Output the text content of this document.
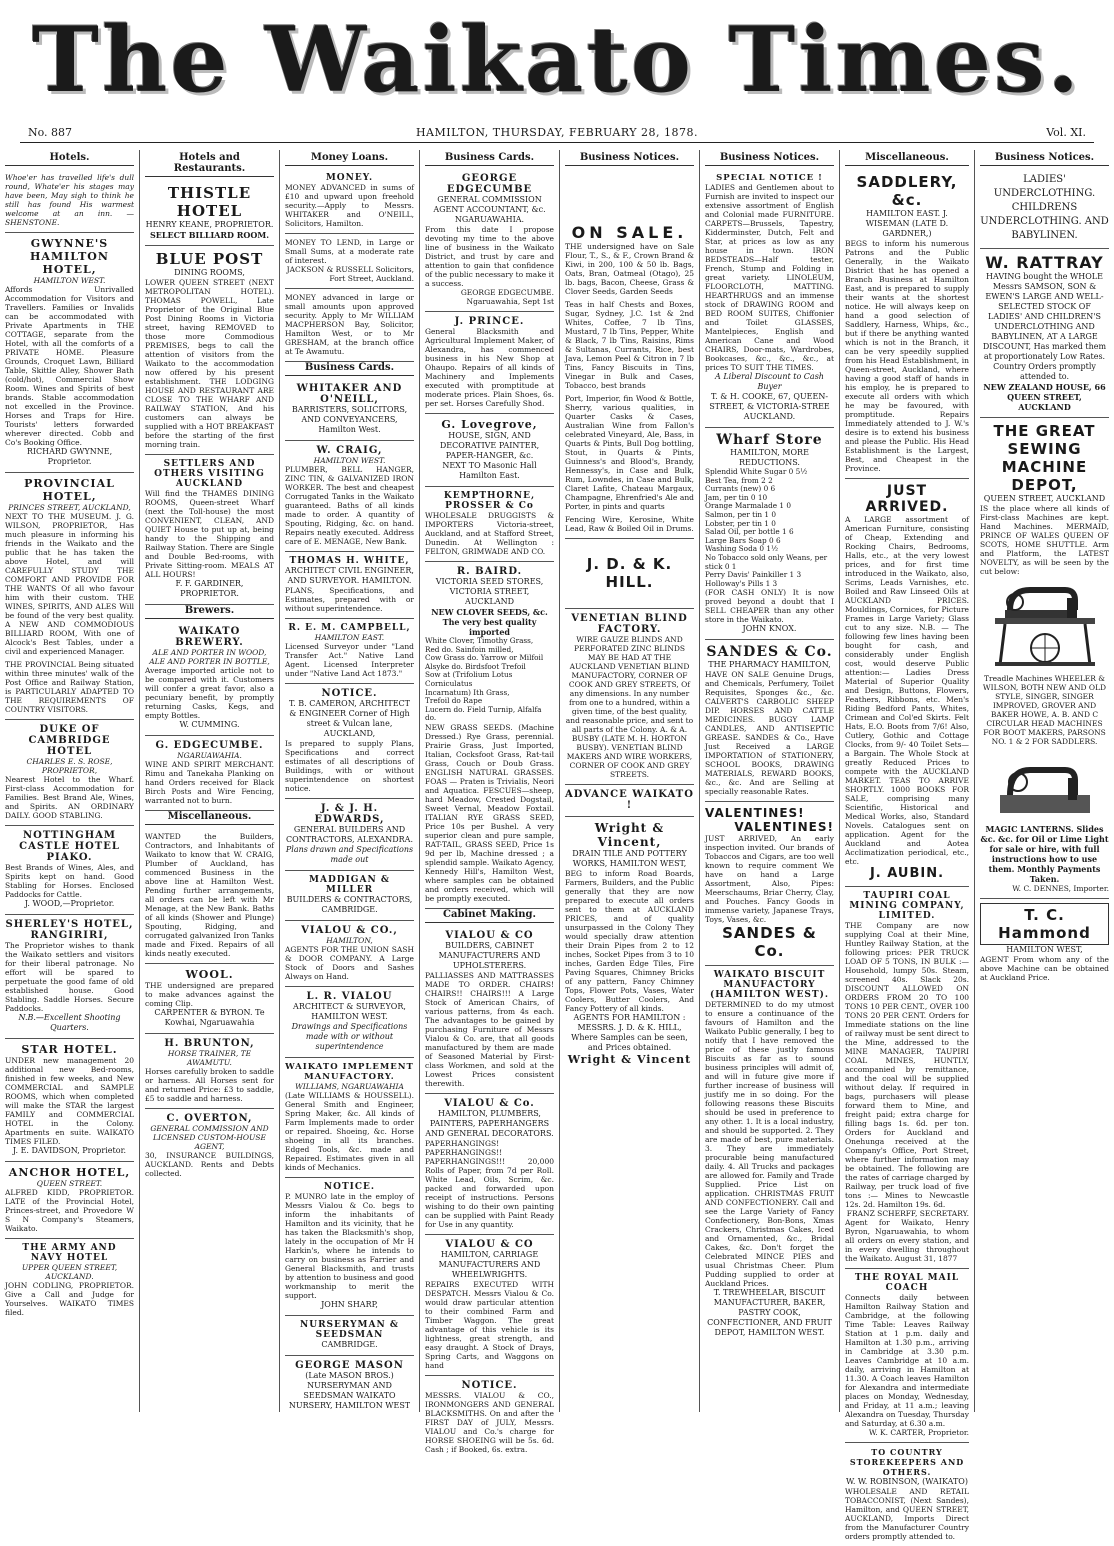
The Waikato Times.
No. 887	HAMILTON, THURSDAY, FEBRUARY 28, 1878.	Vol. XI.
Hotels.
Whoe'er has travelled life's dull round, Whate'er his stages may have been, May sigh to think he still has found His warmest welcome at an inn. —SHENSTONE.
GWYNNE'S HAMILTON HOTEL,
HAMILTON WEST.
Affords Unrivalled Accommodation for Visitors and Travellers. Families or Invalids can be accommodated with Private Apartments in THE COTTAGE, separate from the Hotel, with all the comforts of a PRIVATE HOME. Pleasure Grounds, Croquet Lawn, Billiard Table, Skittle Alley, Shower Bath (cold/hot), Commercial Show Room. Wines and Spirits of best brands. Stable accommodation not excelled in the Province. Horses and Traps for Hire. Tourists' letters forwarded wherever directed. Cobb and Co's Booking Office.
RICHARD GWYNNE, Proprietor.
PROVINCIAL HOTEL,
PRINCES STREET, AUCKLAND,
NEXT TO THE MUSEUM. J. G. WILSON, PROPRIETOR, Has much pleasure in informing his friends in the Waikato and the public that he has taken the above Hotel, and will CAREFULLY STUDY THE COMFORT AND PROVIDE FOR THE WANTS Of all who favour him with their custom. THE WINES, SPIRITS, AND ALES Will be found of the very best quality. A NEW AND COMMODIOUS BILLIARD ROOM, With one of Alcock's Best Tables, under a civil and experienced Manager.
THE PROVINCIAL Being situated within three minutes' walk of the Post Office and Railway Station, is PARTICULARLY ADAPTED TO THE REQUIREMENTS OF COUNTRY VISITORS.
DUKE OF CAMBRIDGE HOTEL
CHARLES E. S. ROSE, PROPRIETOR,
Nearest Hotel to the Wharf. First-class Accommodation for Families. Best Brand Ale, Wines, and Spirits. AN ORDINARY DAILY. GOOD STABLING.
NOTTINGHAM CASTLE HOTEL PIAKO.
Best Brands of Wines, Ales, and Spirits kept on hand. Good Stabling for Horses. Enclosed Paddocks for Cattle.
J. WOOD,—Proprietor.
SHERLEY'S HOTEL, RANGIRIRI,
The Proprietor wishes to thank the Waikato settlers and visitors for their liberal patronage. No effort will be spared to perpetuate the good fame of old established house. Good Stabling. Saddle Horses. Secure Paddocks.
N.B.—Excellent Shooting Quarters.
STAR HOTEL.
UNDER new management 20 additional new Bed-rooms, finished in few weeks, and New COMMERCIAL and SAMPLE ROOMS, which when completed will make the STAR the largest FAMILY and COMMERCIAL HOTEL in the Colony. Apartments en suite. WAIKATO TIMES FILED.
J. E. DAVIDSON, Proprietor.
ANCHOR HOTEL,
QUEEN STREET.
ALFRED KIDD, PROPRIETOR. LATE of the Provincial Hotel, Princes-street, and Provedore W S N Company's Steamers, Waikato.
THE ARMY AND NAVY HOTEL
UPPER QUEEN STREET, AUCKLAND.
JOHN CODLING, PROPRIETOR. Give a Call and Judge for Yourselves. WAIKATO TIMES filed.
Hotels and Restaurants.
THISTLE HOTEL
HENRY KEANE, PROPRIETOR.
SELECT BILLIARD ROOM.
BLUE POST
DINING ROOMS,
LOWER QUEEN STREET (NEXT METROPOLITAN HOTEL). THOMAS POWELL, Late Proprietor of the Original Blue Post Dining Rooms in Victoria street, having REMOVED to those more Commodious PREMISES, begs to call the attention of visitors from the Waikato to the accommodation now offered by his present establishment. THE LODGING HOUSE AND RESTAURANT ARE CLOSE TO THE WHARF AND RAILWAY STATION, And his customers can always be supplied with a HOT BREAKFAST before the starting of the first morning train.
SETTLERS AND OTHERS VISITING AUCKLAND
Will find the THAMES DINING ROOMS, Queen-street Wharf (next the Toll-house) the most CONVENIENT, CLEAN, AND QUIET House to put up at, being handy to the Shipping and Railway Station. There are Single and Double Bed-rooms, with Private Sitting-room. MEALS AT ALL HOURS!
F. F. GARDINER, PROPRIETOR.
Brewers.
WAIKATO BREWERY.
ALE AND PORTER IN WOOD, ALE AND PORTER IN BOTTLE,
Average imported article not to be compared with it. Customers will confer a great favor, also a pecuniary benefit, by promptly returning Casks, Kegs, and empty Bottles.
W. CUMMING.
G. EDGECUMBE.
NGARUAWAHIA.
WINE AND SPIRIT MERCHANT. Rimu and Tanekaha Planking on hand Orders received for Black Birch Posts and Wire Fencing, warranted not to burn.
Miscellaneous.
WANTED the Builders, Contractors, and Inhabitants of Waikato to know that W. CRAIG, Plumber of Auckland, has commenced Business in the above line at Hamilton West. Pending further arrangements, all orders can be left with Mr Menage, at the New Bank. Baths of all kinds (Shower and Plunge) Spouting, Ridging, and corrugated galvanized Iron Tanks made and Fixed. Repairs of all kinds neatly executed.
WOOL.
THE undersigned are prepared to make advances against the coming Clip.
CARPENTER & BYRON. Te Kowhai, Ngaruawahia
H. BRUNTON,
HORSE TRAINER, TE AWAMUTU.
Horses carefully broken to saddle or harness. All Horses sent for and returned Price: £3 to saddle, £5 to saddle and harness.
C. OVERTON,
GENERAL COMMISSION AND LICENSED CUSTOM-HOUSE AGENT,
30, INSURANCE BUILDINGS, AUCKLAND. Rents and Debts collected.
Money Loans.
MONEY.
MONEY ADVANCED in sums of £10 and upward upon freehold security.—Apply to Messrs. WHITAKER and O'NEILL, Solicitors, Hamilton.
MONEY TO LEND, in Large or Small Sums, at a moderate rate of interest.
JACKSON & RUSSELL Solicitors, Fort Street, Auckland.
MONEY advanced in large or small amounts upon approved security. Apply to Mr WILLIAM MACPHERSON Bay, Solicitor, Hamilton West, or to Mr GRESHAM, at the branch office at Te Awamutu.
Business Cards.
WHITAKER AND O'NEILL,
BARRISTERS, SOLICITORS, AND CONVEYANCERS, Hamilton West.
W. CRAIG,
HAMILTON WEST.
PLUMBER, BELL HANGER, ZINC TIN, & GALVANIZED IRON WORKER. The best and cheapest Corrugated Tanks in the Waikato guaranteed. Baths of all kinds made to order. A quantity of Spouting, Ridging, &c. on hand. Repairs neatly executed. Address care of E. MENAGE, New Bank.
THOMAS H. WHITE,
ARCHITECT CIVIL ENGINEER, AND SURVEYOR. HAMILTON.
PLANS, Specifications, and Estimates, prepared with or without superintendence.
R. E. M. CAMPBELL,
HAMILTON EAST.
Licensed Surveyor under "Land Transfer Act." Native Land Agent. Licensed Interpreter under "Native Land Act 1873."
NOTICE.
T. B. CAMERON, ARCHITECT & ENGINEER Corner of High street & Vulcan lane, AUCKLAND,
Is prepared to supply Plans, Specifications and correct estimates of all descriptions of Buildings, with or without superintendence on shortest notice.
J. & J. H. EDWARDS,
GENERAL BUILDERS AND CONTRACTORS, ALEXANDRA.
Plans drawn and Specifications made out
MADDIGAN & MILLER
BUILDERS & CONTRACTORS, CAMBRIDGE.
VIALOU & CO.,
HAMILTON,
AGENTS FOR THE UNION SASH & DOOR COMPANY. A Large Stock of Doors and Sashes Always on Hand.
L. R. VIALOU
ARCHITECT & SURVEYOR, HAMILTON WEST.
Drawings and Specifications made with or without superintendence
WAIKATO IMPLEMENT MANUFACTORY.
WILLIAMS, NGARUAWAHIA
(Late WILLIAMS & HOUSSELL). General Smith and Engineer, Spring Maker, &c. All kinds of Farm Implements made to order or repaired. Shoeing, &c. Horse shoeing in all its branches. Edged Tools, &c. made and Repaired. Estimates given in all kinds of Mechanics.
NOTICE.
P. MUNRO late in the employ of Messrs Vialou & Co. begs to inform the inhabitants of Hamilton and its vicinity, that he has taken the Blacksmith's shop, lately in the occupation of Mr H Harkin's, where he intends to carry on business as Farrier and General Blacksmith, and trusts by attention to business and good workmanship to merit the support.
JOHN SHARP,
NURSERYMAN & SEEDSMAN
CAMBRIDGE.
GEORGE MASON
(Late MASON BROS.) NURSERYMAN AND SEEDSMAN WAIKATO NURSERY, HAMILTON WEST
Business Cards.
GEORGE EDGECUMBE
GENERAL COMMISSION AGENT ACCOUNTANT, &c. NGARUAWAHIA.
From this date I propose devoting my time to the above line of business in the Waikato District, and trust by care and attention to gain that confidence of the public necessary to make it a success.
GEORGE EDGECUMBE. Ngaruawahia, Sept 1st
J. PRINCE.
General Blacksmith and Agricultural Implement Maker, of Alexandra, has commenced business in his New Shop at Ohaupo. Repairs of all kinds of Machinery and Implements executed with promptitude at moderate prices. Plain Shoes, 6s. per set. Horses Carefully Shod.
G. Lovegrove,
HOUSE, SIGN, AND DECORATIVE PAINTER, PAPER-HANGER, &c.
NEXT TO Masonic Hall Hamilton East.
KEMPTHORNE, PROSSER & Co
WHOLESALE DRUGGISTS & IMPORTERS Victoria-street, Auckland, and at Stafford Street, Dunedin. At Wellington : FELTON, GRIMWADE AND CO.
R. BAIRD.
VICTORIA SEED STORES, VICTORIA STREET, AUCKLAND
NEW CLOVER SEEDS, &c. The very best quality imported
White Clover, Timothy Grass,
Red do. Sainfoin milled,
Cow Grass do. Yarrow or Milfoil
Alsyke do. Birdsfoot Trefoil
Sow at (Trifolium Lotus Corniculatus
Incarnatum) Ith Grass,
Trefoil do Rape
Lucern do. Field Turnip, Alfalfa do.
NEW GRASS SEEDS. (Machine Dressed.) Rye Grass, perennial. Prairie Grass, Just Imported, Italian, Cocksfoot Grass, Rat-tail Grass, Couch or Doub Grass. ENGLISH NATURAL GRASSES. FOAS — Praten is Trivialis, Neori and Aquatica. FESCUES—sheep, hard Meadow, Crested Dogstail, Sweet Vernal, Meadow Foxtail. ITALIAN RYE GRASS SEED, Price 10s per Bushel. A very superior clean and pure sample, RAT-TAIL, GRASS SEED, Price 1s 9d per lb, Machine dressed ; a splendid sample. Waikato Agency, Kennedy Hill's, Hamilton West, where samples can be obtained and orders received, which will be promptly executed.
Cabinet Making.
VIALOU & CO
BUILDERS, CABINET MANUFACTURERS AND UPHOLSTERERS.
PALLIASSES AND MATTRASSES MADE TO ORDER. CHAIRS! CHAIRS!! CHAIRS!!! A Large Stock of American Chairs, of various patterns, from 4s each. The advantages to be gained by purchasing Furniture of Messrs Vialou & Co. are, that all goods manufactured by them are made of Seasoned Material by First-class Workmen, and sold at the Lowest Prices consistent therewith.
VIALOU & Co.
HAMILTON, PLUMBERS, PAINTERS, PAPERHANGERS AND GENERAL DECORATORS.
PAPERHANGINGS! PAPERHANGINGS!! PAPERHANGINGS!!! 20,000 Rolls of Paper, from 7d per Roll. White Lead, Oils, Scrim, &c. packed and forwarded upon receipt of instructions. Persons wishing to do their own painting can be supplied with Paint Ready for Use in any quantity.
VIALOU & CO
HAMILTON, CARRIAGE MANUFACTURERS AND WHEELWRIGHTS.
REPAIRS EXECUTED WITH DESPATCH. Messrs Vialou & Co. would draw particular attention to their combined Farm and Timber Waggon. The great advantage of this vehicle is its lightness, great strength, and easy draught. A Stock of Drays, Spring Carts, and Waggons on hand
NOTICE.
MESSRS. VIALOU & CO., IRONMONGERS AND GENERAL BLACKSMITHS. On and after the FIRST DAY of JULY, Messrs. VIALOU and Co.'s charge for HORSE SHOEING will be 5s. 6d. Cash ; if Booked, 6s. extra.
Business Notices.
ON SALE.
THE undersigned have on Sale Flour, T., S., & F., Crown Brand & Kiwi, in 200, 100 & 50 lb. Bags, Oats, Bran, Oatmeal (Otago), 25 lb. bags, Bacon, Cheese, Grass & Clover Seeds, Garden Seeds
Teas in half Chests and Boxes, Sugar, Sydney, J.C. 1st & 2nd Whites, Coffee, 7 lb Tins, Mustard, 7 lb Tins, Pepper, White & Black, 7 lb Tins, Raisins, Rims & Sultanas, Currants, Rice, best Java, Lemon Peel & Citron in 7 lb Tins, Fancy Biscuits in Tins, Vinegar in Bulk and Cases, Tobacco, best brands
Port, Imperior, fin Wood & Bottle, Sherry, various qualities, in Quarter Casks & Cases, Australian Wine from Fallon's celebrated Vineyard, Ale, Bass, in Quarts & Pints, Bull Dog bottling, Stout, in Quarts & Pints, Guinness's and Blood's, Brandy, Hennessy's, in Case and Bulk, Rum, Lowndes, in Case and Bulk, Claret Lafite, Chateau Margaux, Champagne, Ehrenfried's Ale and Porter, in pints and quarts
Fencing Wire, Kerosine, White Lead, Raw & Boiled Oil in Drums.
J. D. & K. HILL.
VENETIAN BLIND FACTORY.
WIRE GAUZE BLINDS AND PERFORATED ZINC BLINDS MAY BE HAD AT THE AUCKLAND VENETIAN BLIND MANUFACTORY, CORNER OF COOK AND GREY STREETS, Of any dimensions. In any number from one to a hundred, within a given time, of the best quality, and reasonable price, and sent to all parts of the Colony. A. & A. BUSBY (LATE M. H. HORTON BUSBY). VENETIAN BLIND MAKERS AND WIRE WORKERS, CORNER OF COOK AND GREY STREETS.
ADVANCE WAIKATO !
Wright & Vincent,
DRAIN TILE AND POTTERY WORKS, HAMILTON WEST,
BEG to inform Road Boards, Farmers, Builders, and the Public generally that they are now prepared to execute all orders sent to them at AUCKLAND PRICES, and of quality unsurpassed in the Colony They would specially draw attention their Drain Pipes from 2 to 12 inches, Socket Pipes from 3 to 10 inches, Garden Edge Tiles, Fire Paving Squares, Chimney Bricks of any pattern, Fancy Chimney Tops, Flower Pots, Vases, Water Coolers, Butter Coolers, And Fancy Pottery of all kinds.
AGENTS FOR HAMILTON : MESSRS. J. D. & K. HILL, Where Samples can be seen, and Prices obtained.
Wright & Vincent
Business Notices.
SPECIAL NOTICE !
LADIES and Gentlemen about to Furnish are invited to inspect our extensive assortment of English and Colonial made FURNITURE. CARPETS—Brussels, Tapestry, Kidderminster, Dutch, Felt and Star, at prices as low as any house in town. IRON BEDSTEADS—Half tester, French, Stump and Folding in great variety. LINOLEUM, FLOORCLOTH, MATTING. HEARTHRUGS and an immense stock of DRAWING ROOM and BED ROOM SUITES, Chiffonier and Toilet GLASSES, Mantelpieces, English and American Cane and Wood CHAIRS, Door-mats, Wardrobes, Bookcases, &c., &c., &c., at prices TO SUIT THE TIMES.
A Liberal Discount to Cash Buyer
T. & H. COOKE, 67, QUEEN-STREET, & VICTORIA-STREE AUCKLAND.
Wharf Store
HAMILTON, MORE REDUCTIONS.
Splendid White Sugar 0 5½
Best Tea, from 2 2
Currants (new) 0 6
Jam, per tin 0 10
Orange Marmalade 1 0
Salmon, per tin 1 0
Lobster, per tin 1 0
Salad Oil, per bottle 1 6
Large Bars Soap 0 6
Washing Soda 0 1½
No Tobacco sold only Weans, per stick 0 1
Perry Davis' Painkiller 1 3
Holloway's Pills 1 3
(FOR CASH ONLY) It is now proved beyond a doubt that I SELL CHEAPER than any other store in the Waikato.
JOHN KNOX.
SANDES & Co.
THE PHARMACY HAMILTON,
HAVE ON SALE Genuine Drugs, and Chemicals, Perfumery, Toilet Requisites, Sponges &c., &c. CALVERT'S CARBOLIC SHEEP DIP. HORSES AND CATTLE MEDICINES. BUGGY LAMP CANDLES, AND ANTISEPTIC GREASE. SANDES & Co., Have Just Received a LARGE IMPORTATION of STATIONERY, SCHOOL BOOKS, DRAWING MATERIALS, REWARD BOOKS, &c., &c. And are Selling at specially reasonable Rates.
VALENTINES!
VALENTINES!
JUST ARRIVED, An early inspection invited. Our brands of Tobaccos and Cigars, are too well known to require comment We have on hand a Large Assortment, Also, Pipes: Meerschaums, Briar Cherry, Clay, and Pouches. Fancy Goods in immense variety, Japanese Trays, Toys, Vases, &c.
SANDES & Co.
WAIKATO BISCUIT MANUFACTORY (HAMILTON WEST).
DETERMINED to do my utmost to ensure a continuance of the favours of Hamilton and the Waikato Public generally, I beg to notify that I have removed the price of these justly famous Biscuits as far as to sound business principles will admit of, and will in future give more if further increase of business will justify me in so doing. For the following reasons these Biscuits should be used in preference to any other. 1. It is a local industry, and should be supported. 2. They are made of best, pure materials. 3. They are immediately procurable being manufactured daily. 4. All Trucks and packages are allowed for. Family and Trade Supplied. Price List on application. CHRISTMAS FRUIT AND CONFECTIONERY. Call and see the Large Variety of Fancy Confectionery, Bon-Bons, Xmas Crackers, Christmas Cakes, Iced and Ornamented, &c., Bridal Cakes, &c. Don't forget the Celebrated MINCE PIES and usual Christmas Cheer. Plum Pudding supplied to order at Auckland Prices.
T. TREWHEELAR, BISCUIT MANUFACTURER, BAKER, PASTRY COOK, CONFECTIONER, AND FRUIT DEPOT, HAMILTON WEST.
Miscellaneous.
SADDLERY, &c.
HAMILTON EAST. J. WISEMAN (LATE D. GARDNER,)
BEGS to inform his numerous Patrons and the Public Generally, in the Waikato District that he has opened a Branch Business at Hamilton East, and is prepared to supply their wants at the shortest notice. He will always keep on hand a good selection of Saddlery, Harness, Whips, &c., but if there be anything wanted which is not in the Branch, it can be very speedily supplied from his Head Establishment, in Queen-street, Auckland, where having a good staff of hands in his employ, he is prepared to execute all orders with which he may be favoured, with promptitude. Repairs Immediately attended to J. W.'s desire is to extend his business and please the Public. His Head Establishment is the Largest, Best, and Cheapest in the Province.
JUST ARRIVED.
A LARGE assortment of American Furniture, consisting of Cheap, Extending and Rocking Chairs, Bedrooms, Halls, etc., at the very lowest prices, and for first time introduced in the Waikato, also, Scrims, Leads Varnishes, etc. Boiled and Raw Linseed Oils at AUCKLAND PRICES. Mouldings, Cornices, for Picture Frames in Large Variety; Glass cut to any size. N.B. — The following few lines having been bought for cash, and considerably under English cost, would deserve Public attention:— Ladies Dress Material of Superior Quality and Design, Buttons, Flowers, Feathers, Ribbons, etc. Men's Riding Bedford Pants, Whites, Crimean and Col'ed Skirts. Felt Hats, E.O. Boots from 7/6! Also, Cutlery, Gothic and Cottage Clocks, from 9/- 40 Toilet Sets—a Bargain. The Whole Stock at greatly Reduced Prices to compete with the AUCKLAND MARKET. TEAS TO ARRIVE SHORTLY. 1000 BOOKS FOR SALE, comprising many Scientific, Historical and Medical Works, also, Standard Novels. Catalogues sent on application. Agent for the Auckland and Aotea Acclimatization periodical, etc., etc.
J. AUBIN.
TAUPIRI COAL MINING COMPANY, LIMITED.
THE Company are now supplying Coal at their Mine, Huntley Railway Station, at the following prices: PER TRUCK LOAD OF 5 TONS, IN BULK :— Household, lumpy 50s. Steam, screened 40s. Slack 20s. DISCOUNT ALLOWED ON ORDERS FROM 20 TO 100 TONS 10 PER CENT., OVER 100 TONS 20 PER CENT. Orders for Immediate stations on the line of railway must be sent direct to the Mine, addressed to the MINE MANAGER, TAUPIRI COAL MINES, HUNTLY, accompanied by remittance, and the coal will be supplied without delay. If required in bags, purchasers will please forward them to Mine, and freight paid; extra charge for filling bags 1s. 6d. per ton. Orders for Auckland and Onehunga received at the Company's Office, Port Street, where further information may be obtained. The following are the rates of carriage charged by Railway, per truck load of five tons :— Mines to Newcastle 12s. 2d. Hamilton 19s. 6d.
FRANZ SCHERFF, SECRETARY.
Agent for Waikato, Henry Byron, Ngaruawahia, to whom all orders on every station, and in every dwelling throughout the Waikato. August 31, 1877
THE ROYAL MAIL COACH
Connects daily between Hamilton Railway Station and Cambridge, at the following Time Table: Leaves Railway Station at 1 p.m. daily and Hamilton at 1.30 p.m., arriving in Cambridge at 3.30 p.m. Leaves Cambridge at 10 a.m. daily, arriving in Hamilton at 11.30. A Coach leaves Hamilton for Alexandra and intermediate places on Monday, Wednesday, and Friday, at 11 a.m.; leaving Alexandra on Tuesday, Thursday and Saturday, at 6.30 a.m.
W. K. CARTER, Proprietor.
TO COUNTRY STOREKEEPERS AND OTHERS.
W. W. ROBINSON, (WAIKATO)
WHOLESALE AND RETAIL TOBACCONIST, (Next Sandes), Hamilton, and QUEEN STREET, AUCKLAND, Imports Direct from the Manufacturer Country orders promptly attended to.
Business Notices.
LADIES' UNDERCLOTHING. CHILDRENS UNDERCLOTHING. AND BABYLINEN.
W. RATTRAY
HAVING bought the WHOLE Messrs SAMSON, SON & EWEN'S LARGE AND WELL-SELECTED STOCK OF LADIES' AND CHILDREN'S UNDERCLOTHING AND BABYLINEN, AT A LARGE DISCOUNT, Has marked them at proportionately Low Rates. Country Orders promptly attended to.
NEW ZEALAND HOUSE, 66 QUEEN STREET, AUCKLAND
THE GREAT SEWING MACHINE DEPOT,
QUEEN STREET, AUCKLAND
IS the place where all kinds of First-class Machines are kept. Hand Machines. MERMAID, PRINCE OF WALES QUEEN OF SCOTS, HOME SHUTTLE. Arm and Platform, the LATEST NOVELTY, as will be seen by the cut below:
Treadle Machines WHEELER & WILSON, BOTH NEW AND OLD STYLE, SINGER, SINGER IMPROVED, GROVER AND BAKER HOWE, A. B. AND C CIRCULAR HEAD MACHINES FOR BOOT MAKERS, PARSONS NO. 1 & 2 FOR SADDLERS.
MAGIC LANTERNS. Slides &c. &c. for Oil or Lime Light for sale or hire, with full instructions how to use them. Monthly Payments Taken.
W. C. DENNES, Importer.
T. C. Hammond
HAMILTON WEST,
AGENT From whom any of the above Machine can be obtained at Auckland Price.
